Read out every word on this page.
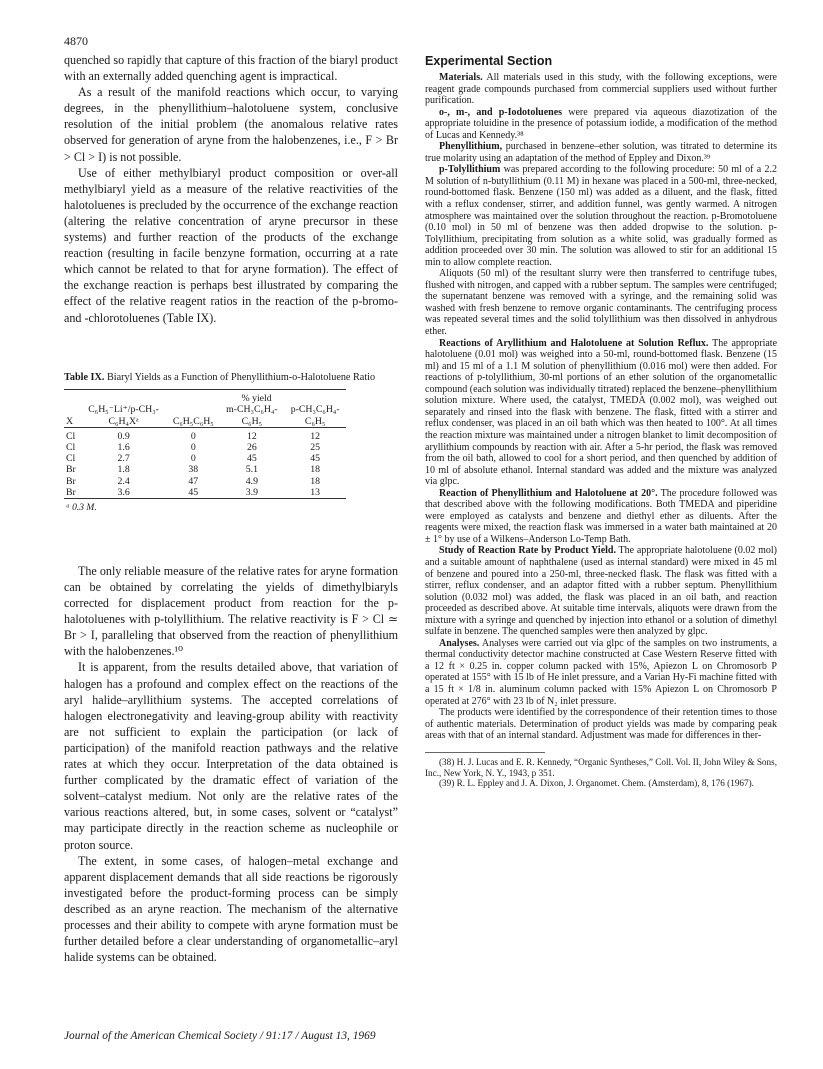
4870

quenched so rapidly that capture of this fraction of the biaryl product with an externally added quenching agent is impractical.

As a result of the manifold reactions which occur, to varying degrees, in the phenyllithium–halotoluene system, conclusive resolution of the initial problem (the anomalous relative rates observed for generation of aryne from the halobenzenes, i.e., F > Br > Cl > I) is not possible.

Use of either methylbiaryl product composition or over-all methylbiaryl yield as a measure of the relative reactivities of the halotoluenes is precluded by the occurrence of the exchange reaction (altering the relative concentration of aryne precursor in these systems) and further reaction of the products of the exchange reaction (resulting in facile benzyne formation, occurring at a rate which cannot be related to that for aryne formation). The effect of the exchange reaction is perhaps best illustrated by comparing the effect of the relative reagent ratios in the reaction of the p-bromo- and -chlorotoluenes (Table IX).

Table IX. Biaryl Yields as a Function of Phenyllithium-o-Halotoluene Ratio

		% yield		
	C₆H₅⁻Li⁺/p-CH₃-		m-CH₃C₆H₄-	p-CH₃C₆H₄-
X	C₆H₄Xᵃ	C₆H₅C₆H₅	C₆H₅	C₆H₅
Cl	0.9	0	12	12
Cl	1.6	0	26	25
Cl	2.7	0	45	45
Br	1.8	38	5.1	18
Br	2.4	47	4.9	18
Br	3.6	45	3.9	13
ᵃ 0.3 M.

The only reliable measure of the relative rates for aryne formation can be obtained by correlating the yields of dimethylbiaryls corrected for displacement product from reaction for the p-halotoluenes with p-tolyllithium. The relative reactivity is F > Cl ≃ Br > I, paralleling that observed from the reaction of phenyllithium with the halobenzenes.¹⁰

It is apparent, from the results detailed above, that variation of halogen has a profound and complex effect on the reactions of the aryl halide–aryllithium systems. The accepted correlations of halogen electronegativity and leaving-group ability with reactivity are not sufficient to explain the participation (or lack of participation) of the manifold reaction pathways and the relative rates at which they occur. Interpretation of the data obtained is further complicated by the dramatic effect of variation of the solvent–catalyst medium. Not only are the relative rates of the various reactions altered, but, in some cases, solvent or “catalyst” may participate directly in the reaction scheme as nucleophile or proton source.

The extent, in some cases, of halogen–metal exchange and apparent displacement demands that all side reactions be rigorously investigated before the product-forming process can be simply described as an aryne reaction. The mechanism of the alternative processes and their ability to compete with aryne formation must be further detailed before a clear understanding of organometallic–aryl halide systems can be obtained.

Experimental Section

Materials. All materials used in this study, with the following exceptions, were reagent grade compounds purchased from commercial suppliers used without further purification.

o-, m-, and p-Iodotoluenes were prepared via aqueous diazotization of the appropriate toluidine in the presence of potassium iodide, a modification of the method of Lucas and Kennedy.³⁸

Phenyllithium, purchased in benzene–ether solution, was titrated to determine its true molarity using an adaptation of the method of Eppley and Dixon.³⁹

p-Tolyllithium was prepared according to the following procedure: 50 ml of a 2.2 M solution of n-butyllithium (0.11 M) in hexane was placed in a 500-ml, three-necked, round-bottomed flask. Benzene (150 ml) was added as a diluent, and the flask, fitted with a reflux condenser, stirrer, and addition funnel, was gently warmed. A nitrogen atmosphere was maintained over the solution throughout the reaction. p-Bromotoluene (0.10 mol) in 50 ml of benzene was then added dropwise to the solution. p-Tolyllithium, precipitating from solution as a white solid, was gradually formed as addition proceeded over 30 min. The solution was allowed to stir for an additional 15 min to allow complete reaction.

Aliquots (50 ml) of the resultant slurry were then transferred to centrifuge tubes, flushed with nitrogen, and capped with a rubber septum. The samples were centrifuged; the supernatant benzene was removed with a syringe, and the remaining solid was washed with fresh benzene to remove organic contaminants. The centrifuging process was repeated several times and the solid tolyllithium was then dissolved in anhydrous ether.

Reactions of Aryllithium and Halotoluene at Solution Reflux. The appropriate halotoluene (0.01 mol) was weighed into a 50-ml, round-bottomed flask. Benzene (15 ml) and 15 ml of a 1.1 M solution of phenyllithium (0.016 mol) were then added. For reactions of p-tolyllithium, 30-ml portions of an ether solution of the organometallic compound (each solution was individually titrated) replaced the benzene–phenyllithium solution mixture. Where used, the catalyst, TMEDA (0.002 mol), was weighed out separately and rinsed into the flask with benzene. The flask, fitted with a stirrer and reflux condenser, was placed in an oil bath which was then heated to 100°. At all times the reaction mixture was maintained under a nitrogen blanket to limit decomposition of aryllithium compounds by reaction with air. After a 5-hr period, the flask was removed from the oil bath, allowed to cool for a short period, and then quenched by addition of 10 ml of absolute ethanol. Internal standard was added and the mixture was analyzed via glpc.

Reaction of Phenyllithium and Halotoluene at 20°. The procedure followed was that described above with the following modifications. Both TMEDA and piperidine were employed as catalysts and benzene and diethyl ether as diluents. After the reagents were mixed, the reaction flask was immersed in a water bath maintained at 20 ± 1° by use of a Wilkens–Anderson Lo-Temp Bath.

Study of Reaction Rate by Product Yield. The appropriate halotoluene (0.02 mol) and a suitable amount of naphthalene (used as internal standard) were mixed in 45 ml of benzene and poured into a 250-ml, three-necked flask. The flask was fitted with a stirrer, reflux condenser, and an adaptor fitted with a rubber septum. Phenyllithium solution (0.032 mol) was added, the flask was placed in an oil bath, and reaction proceeded as described above. At suitable time intervals, aliquots were drawn from the mixture with a syringe and quenched by injection into ethanol or a solution of dimethyl sulfate in benzene. The quenched samples were then analyzed by glpc.

Analyses. Analyses were carried out via glpc of the samples on two instruments, a thermal conductivity detector machine constructed at Case Western Reserve fitted with a 12 ft × 0.25 in. copper column packed with 15%, Apiezon L on Chromosorb P operated at 155° with 15 lb of He inlet pressure, and a Varian Hy-Fi machine fitted with a 15 ft × 1/8 in. aluminum column packed with 15% Apiezon L on Chromosorb P operated at 276° with 23 lb of N₂ inlet pressure.

The products were identified by the correspondence of their retention times to those of authentic materials. Determination of product yields was made by comparing peak areas with that of an internal standard. Adjustment was made for differences in ther-

(38) H. J. Lucas and E. R. Kennedy, “Organic Syntheses,” Coll. Vol. II, John Wiley & Sons, Inc., New York, N. Y., 1943, p 351.

(39) R. L. Eppley and J. A. Dixon, J. Organomet. Chem. (Amsterdam), 8, 176 (1967).

Journal of the American Chemical Society / 91:17 / August 13, 1969
